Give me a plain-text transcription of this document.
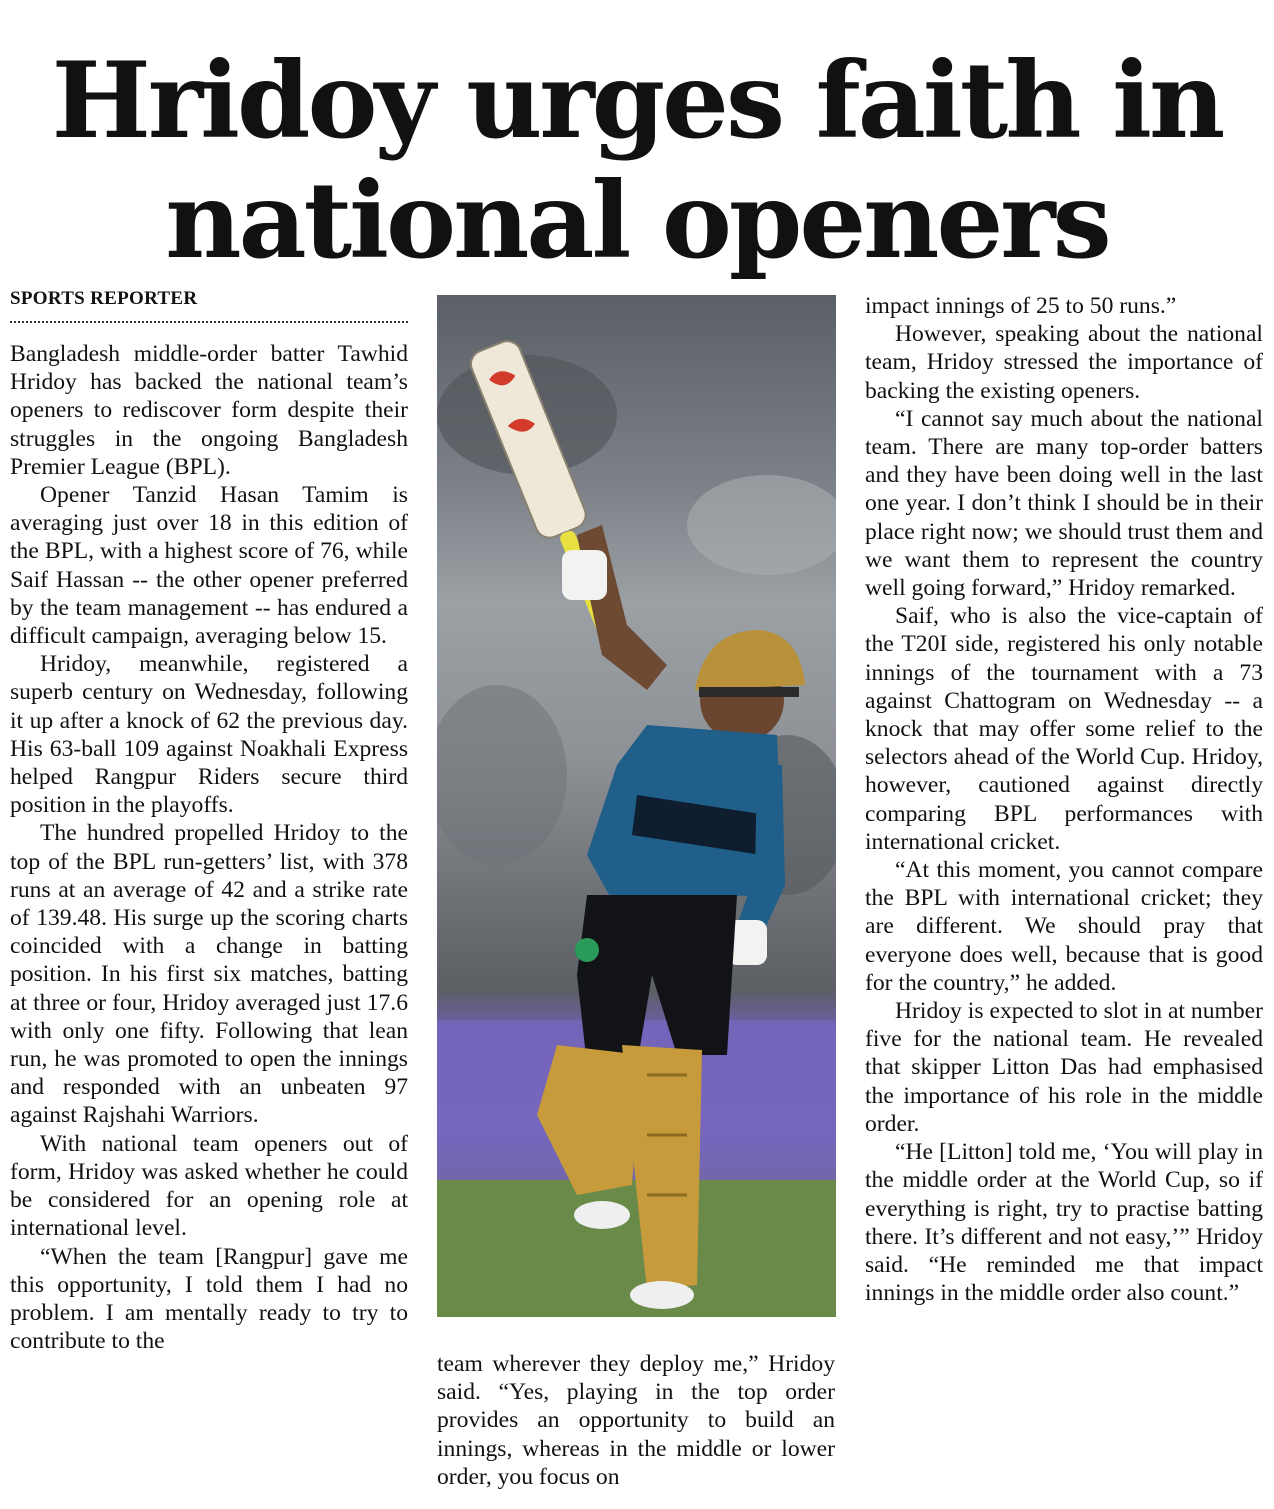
Hridoy urges faith in national openers
SPORTS REPORTER

Bangladesh middle-order batter Tawhid Hridoy has backed the national team’s openers to rediscover form despite their struggles in the ongoing Bangladesh Premier League (BPL).

Opener Tanzid Hasan Tamim is averaging just over 18 in this edition of the BPL, with a highest score of 76, while Saif Hassan -- the other opener preferred by the team management -- has endured a difficult campaign, averaging below 15.

Hridoy, meanwhile, registered a superb century on Wednesday, following it up after a knock of 62 the previous day. His 63-ball 109 against Noakhali Express helped Rangpur Riders secure third position in the playoffs.

The hundred propelled Hridoy to the top of the BPL run-getters’ list, with 378 runs at an average of 42 and a strike rate of 139.48. His surge up the scoring charts coincided with a change in batting position. In his first six matches, batting at three or four, Hridoy averaged just 17.6 with only one fifty. Following that lean run, he was promoted to open the innings and responded with an unbeaten 97 against Rajshahi Warriors.

With national team openers out of form, Hridoy was asked whether he could be considered for an opening role at international level.

“When the team [Rangpur] gave me this opportunity, I told them I had no problem. I am mentally ready to try to contribute to the

team wherever they deploy me,” Hridoy said. “Yes, playing in the top order provides an opportunity to build an innings, whereas in the middle or lower order, you focus on

impact innings of 25 to 50 runs.”

However, speaking about the national team, Hridoy stressed the importance of backing the existing openers.

“I cannot say much about the national team. There are many top-order batters and they have been doing well in the last one year. I don’t think I should be in their place right now; we should trust them and we want them to represent the country well going forward,” Hridoy remarked.

Saif, who is also the vice-captain of the T20I side, registered his only notable innings of the tournament with a 73 against Chattogram on Wednesday -- a knock that may offer some relief to the selectors ahead of the World Cup. Hridoy, however, cautioned against directly comparing BPL performances with international cricket.

“At this moment, you cannot compare the BPL with international cricket; they are different. We should pray that everyone does well, because that is good for the country,” he added.

Hridoy is expected to slot in at number five for the national team. He revealed that skipper Litton Das had emphasised the importance of his role in the middle order.

“He [Litton] told me, ‘You will play in the middle order at the World Cup, so if everything is right, try to practise batting there. It’s different and not easy,’” Hridoy said. “He reminded me that impact innings in the middle order also count.”
